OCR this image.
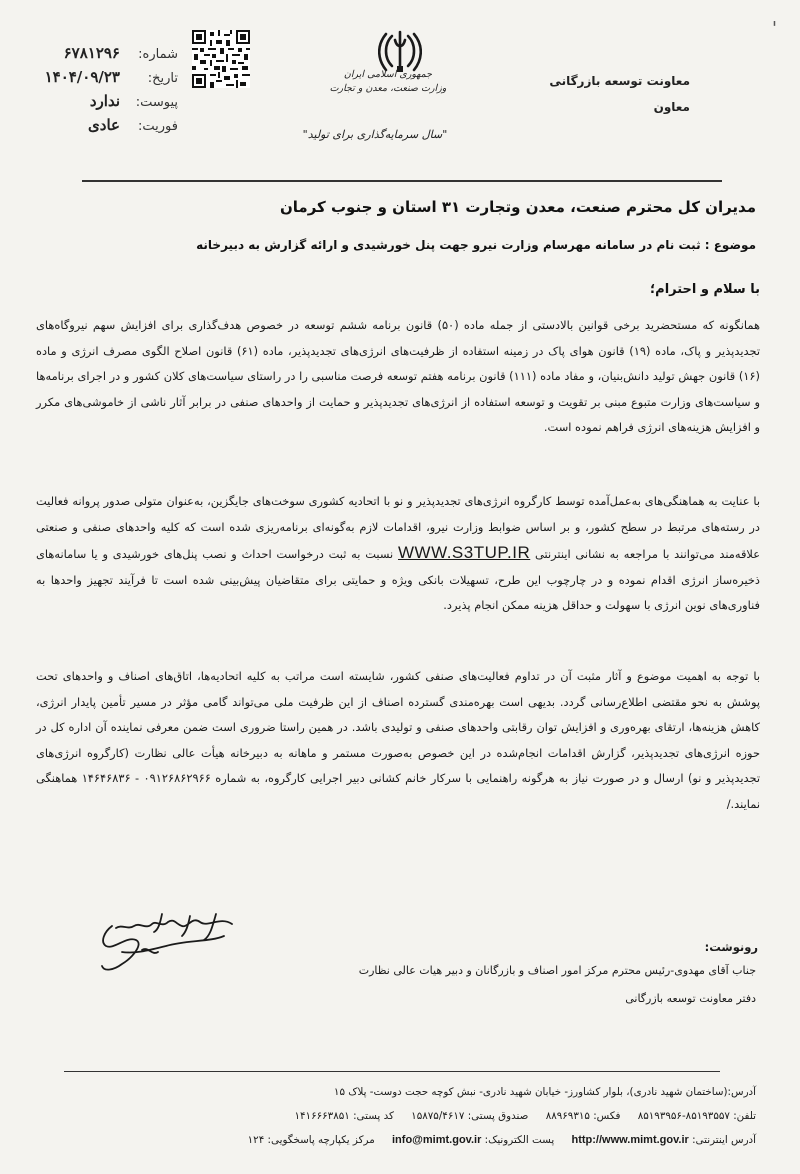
'
شماره:
۶۷۸۱۲۹۶
تاریخ:
۱۴۰۴/۰۹/۲۳
پیوست:
ندارد
فوریت:
عادی
جمهوری اسلامی ایران
وزارت صنعت، معدن و تجارت
"سال سرمایه‌گذاری برای تولید"
معاونت توسعه بازرگانی
معاون
مدیران کل محترم صنعت، معدن وتجارت ۳۱ استان و جنوب کرمان
موضوع : ثبت نام در سامانه مهرسام وزارت نیرو جهت پنل خورشیدی و ارائه گزارش به دبیرخانه
با سلام و احترام؛
همانگونه که مستحضرید برخی قوانین بالادستی از جمله ماده (۵۰) قانون برنامه ششم توسعه در خصوص هدف‌گذاری برای افزایش سهم نیروگاه‌های تجدیدپذیر و پاک، ماده (۱۹) قانون هوای پاک در زمینه استفاده از ظرفیت‌های انرژی‌های تجدیدپذیر، ماده (۶۱) قانون اصلاح الگوی مصرف انرژی و ماده (۱۶) قانون جهش تولید دانش‌بنیان، و مفاد ماده (۱۱۱) قانون برنامه هفتم توسعه فرصت مناسبی را در راستای سیاست‌های کلان کشور و در اجرای برنامه‌ها و سیاست‌های وزارت متبوع مبنی بر تقویت و توسعه استفاده از انرژی‌های تجدیدپذیر و حمایت از واحدهای صنفی در برابر آثار ناشی از خاموشی‌های مکرر و افزایش هزینه‌های انرژی فراهم نموده است.
با عنایت به هماهنگی‌های به‌عمل‌آمده توسط کارگروه انرژی‌های تجدیدپذیر و نو با اتحادیه کشوری سوخت‌های جایگزین، به‌عنوان متولی صدور پروانه فعالیت در رسته‌های مرتبط در سطح کشور، و بر اساس ضوابط وزارت نیرو، اقدامات لازم به‌گونه‌ای برنامه‌ریزی شده است که کلیه واحدهای صنفی و صنعتی علاقه‌مند می‌توانند با مراجعه به نشانی اینترنتی WWW.S3TUP.IR نسبت به ثبت درخواست احداث و نصب پنل‌های خورشیدی و یا سامانه‌های ذخیره‌ساز انرژی اقدام نموده و در چارچوب این طرح، تسهیلات بانکی ویژه و حمایتی برای متقاضیان پیش‌بینی شده است تا فرآیند تجهیز واحدها به فناوری‌های نوین انرژی با سهولت و حداقل هزینه ممکن انجام پذیرد.
با توجه به اهمیت موضوع و آثار مثبت آن در تداوم فعالیت‌های صنفی کشور، شایسته است مراتب به کلیه اتحادیه‌ها، اتاق‌های اصناف و واحدهای تحت پوشش به نحو مقتضی اطلاع‌رسانی گردد. بدیهی است بهره‌مندی گسترده اصناف از این ظرفیت ملی می‌تواند گامی مؤثر در مسیر تأمین پایدار انرژی، کاهش هزینه‌ها، ارتقای بهره‌وری و افزایش توان رقابتی واحدهای صنفی و تولیدی باشد. در همین راستا ضروری است ضمن معرفی نماینده آن اداره کل در حوزه انرژی‌های تجدیدپذیر، گزارش اقدامات انجام‌شده در این خصوص به‌صورت مستمر و ماهانه به دبیرخانه هیأت عالی نظارت (کارگروه انرژی‌های تجدیدپذیر و نو) ارسال و در صورت نیاز به هرگونه راهنمایی با سرکار خانم کشانی دبیر اجرایی کارگروه، به شماره ۰۹۱۲۶۸۶۲۹۶۶ - ۱۴۶۴۶۸۳۶ هماهنگی نمایند./
رونوشت:
جناب آقای مهدوی-رئیس محترم مرکز امور اصناف و بازرگانان و دبیر هیات عالی نظارت
دفتر معاونت توسعه بازرگانی
آدرس:(ساختمان شهید نادری)، بلوار کشاورز- خیابان شهید نادری- نبش کوچه حجت دوست- پلاک ۱۵
تلفن: ۸۵۱۹۳۵۵۷-۸۵۱۹۳۹۵۶ فکس: ۸۸۹۶۹۳۱۵ صندوق پستی: ۱۵۸۷۵/۴۶۱۷ کد پستی: ۱۴۱۶۶۶۳۸۵۱
آدرس اینترنتی: http://www.mimt.gov.ir پست الکترونیک: info@mimt.gov.ir مرکز یکپارچه پاسخگویی: ۱۲۴
